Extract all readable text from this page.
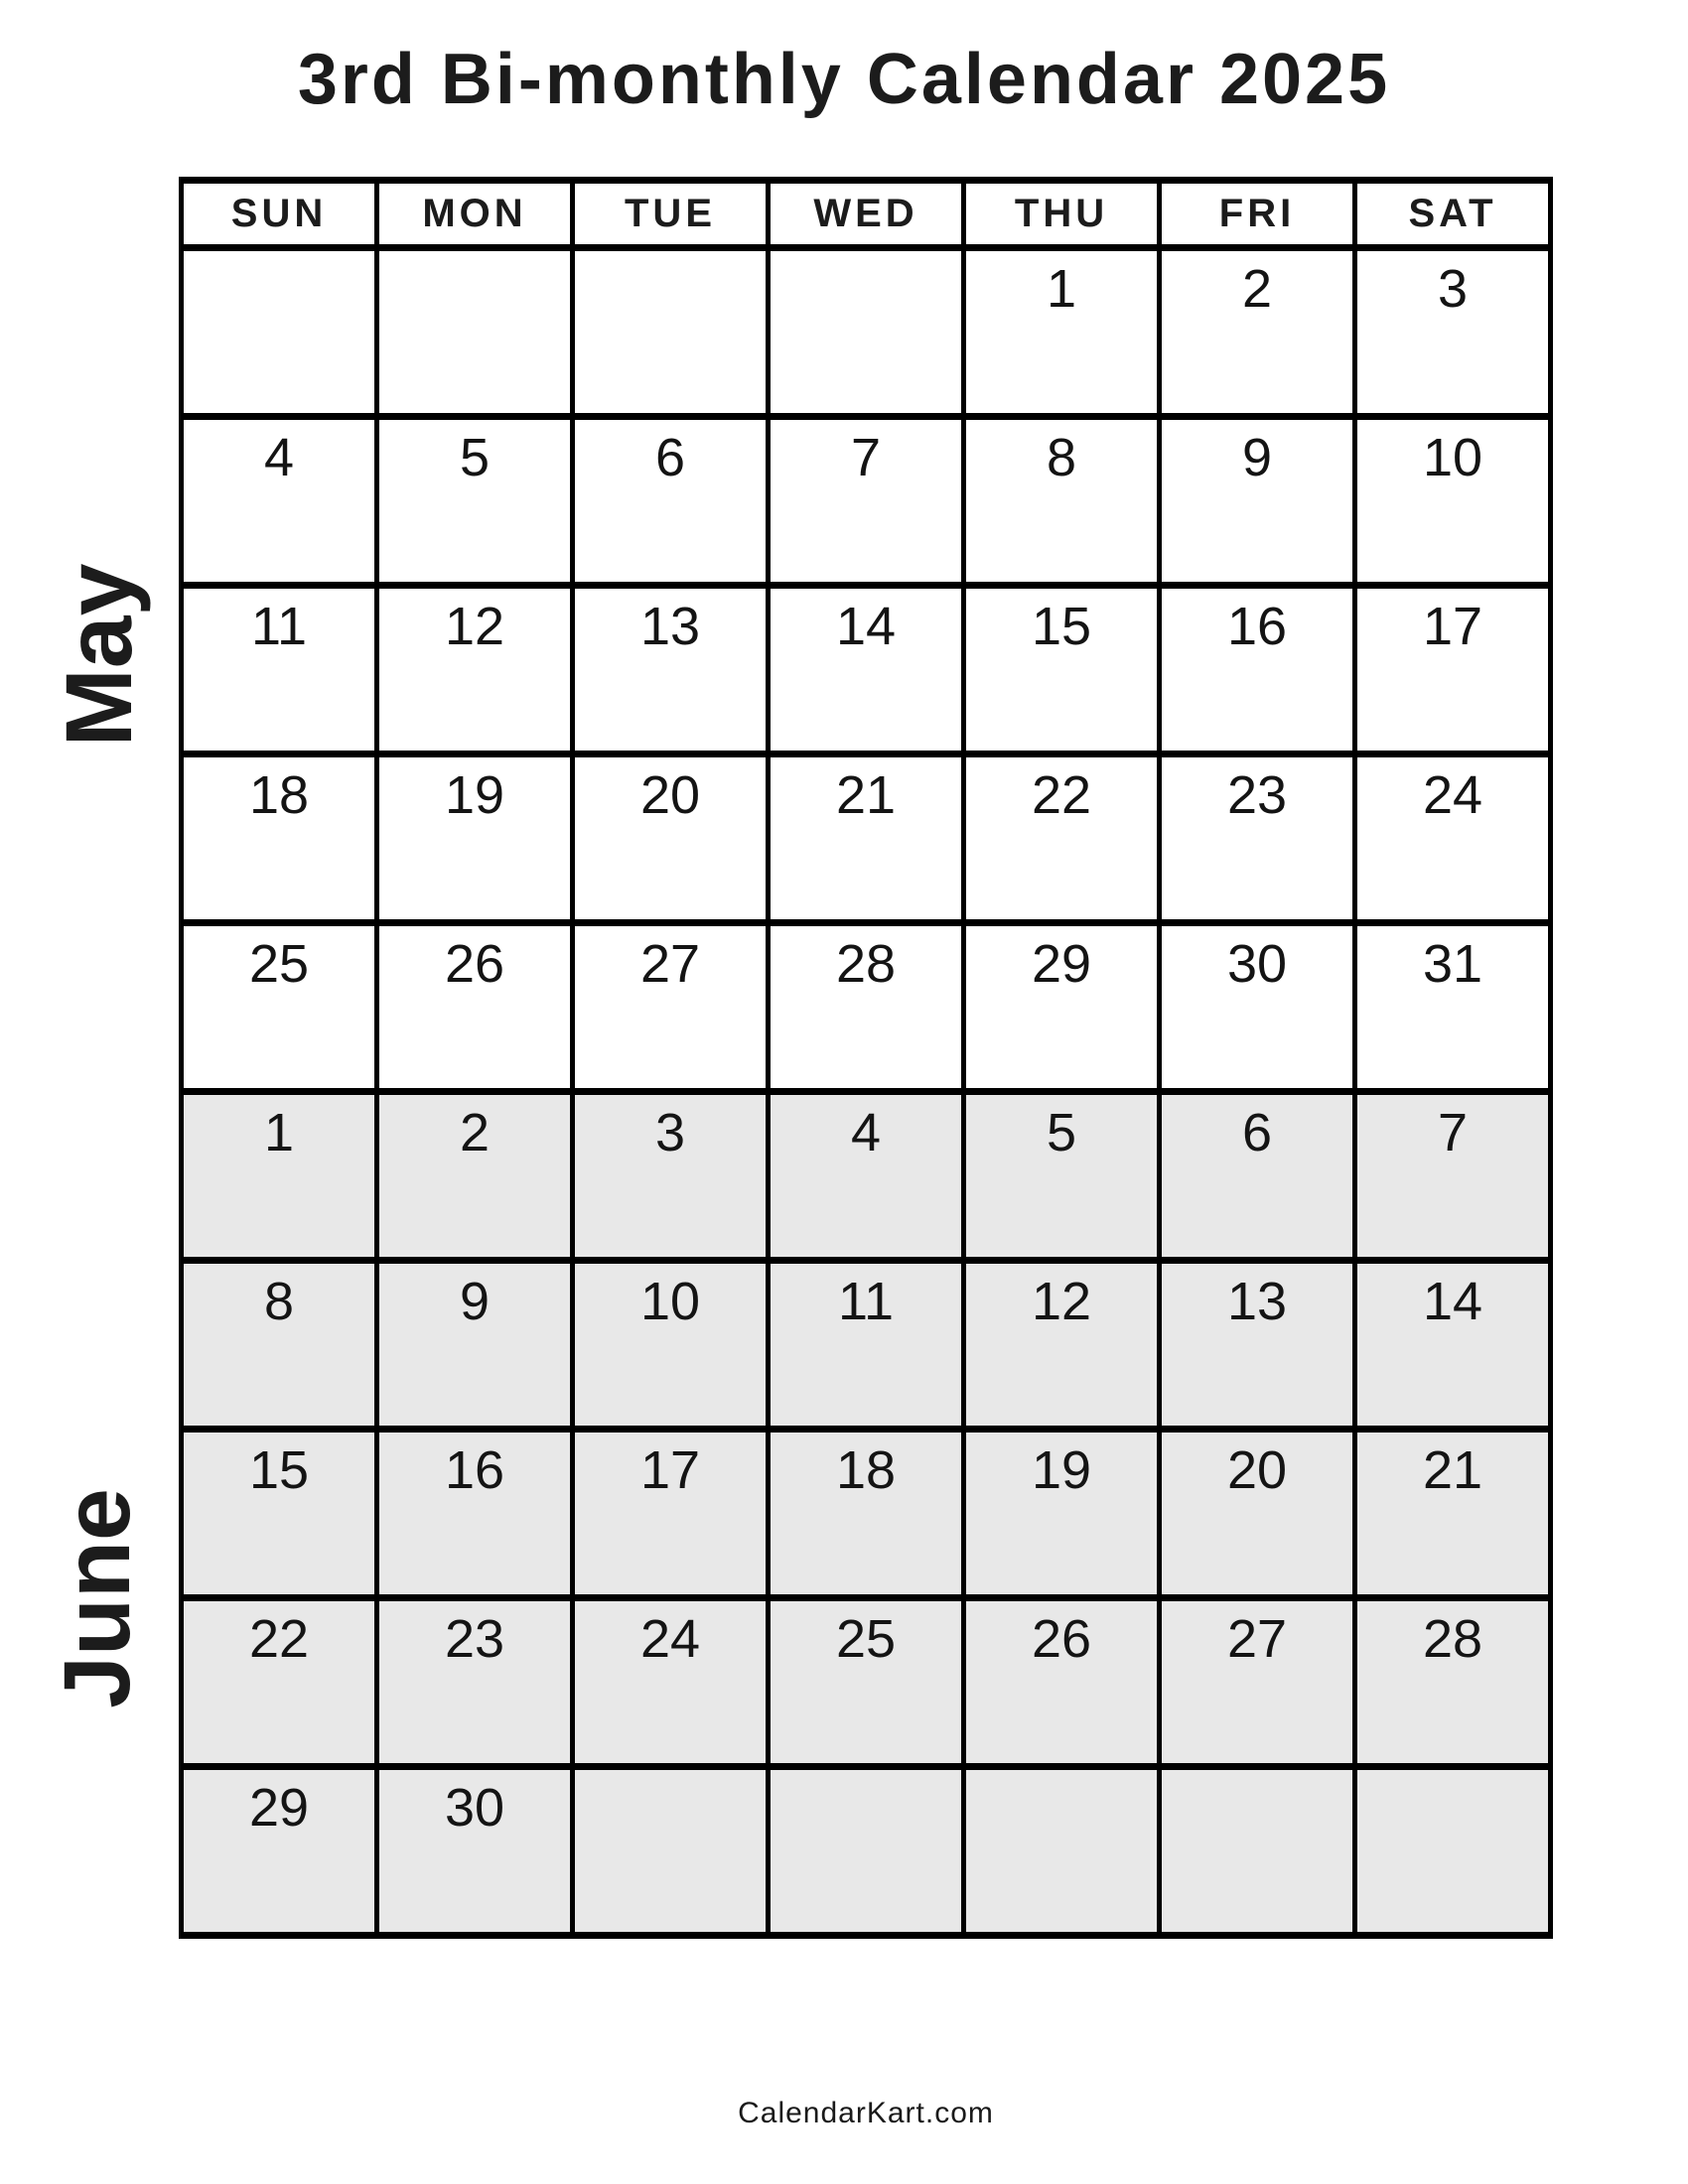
3rd Bi-monthly Calendar 2025
May
June
SUN	MON	TUE	WED	THU	FRI	SAT
				1	2	3
4	5	6	7	8	9	10
11	12	13	14	15	16	17
18	19	20	21	22	23	24
25	26	27	28	29	30	31
1	2	3	4	5	6	7
8	9	10	11	12	13	14
15	16	17	18	19	20	21
22	23	24	25	26	27	28
29	30					
CalendarKart.com
